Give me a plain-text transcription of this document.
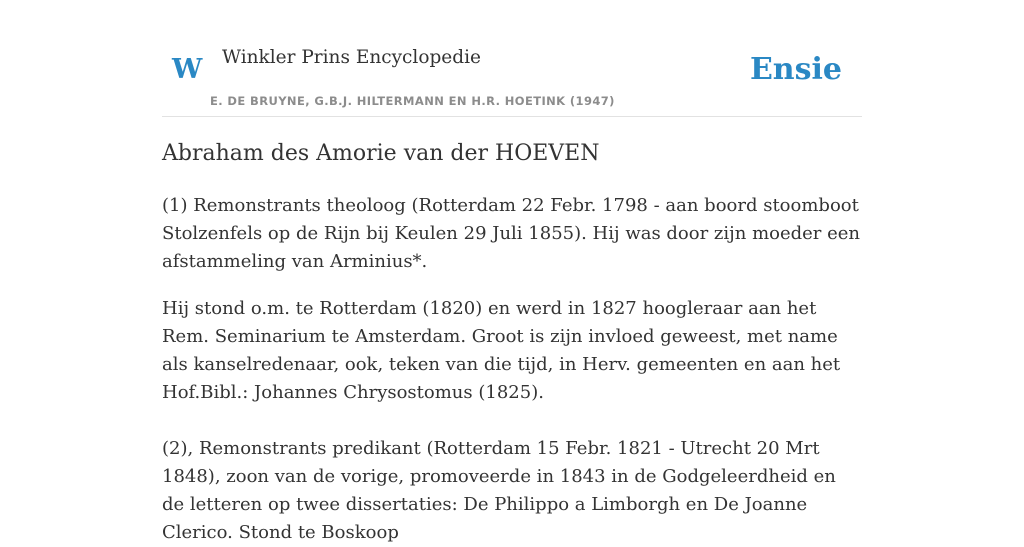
W Winkler Prins Encyclopedie
E. DE BRUYNE, G.B.J. HILTERMANN EN H.R. HOETINK (1947)
Ensie
Abraham des Amorie van der HOEVEN

(1) Remonstrants theoloog (Rotterdam 22 Febr. 1798 - aan boord stoomboot Stolzenfels op de Rijn bij Keulen 29 Juli 1855). Hij was door zijn moeder een afstammeling van Arminius*.

Hij stond o.m. te Rotterdam (1820) en werd in 1827 hoogleraar aan het Rem. Seminarium te Amsterdam. Groot is zijn invloed geweest, met name als kanselredenaar, ook, teken van die tijd, in Herv. gemeenten en aan het Hof.Bibl.: Johannes Chrysostomus (1825).

(2), Remonstrants predikant (Rotterdam 15 Febr. 1821 - Utrecht 20 Mrt 1848), zoon van de vorige, promoveerde in 1843 in de Godgeleerdheid en de letteren op twee dissertaties: De Philippo a Limborgh en De Joanne Clerico. Stond te Boskoop
